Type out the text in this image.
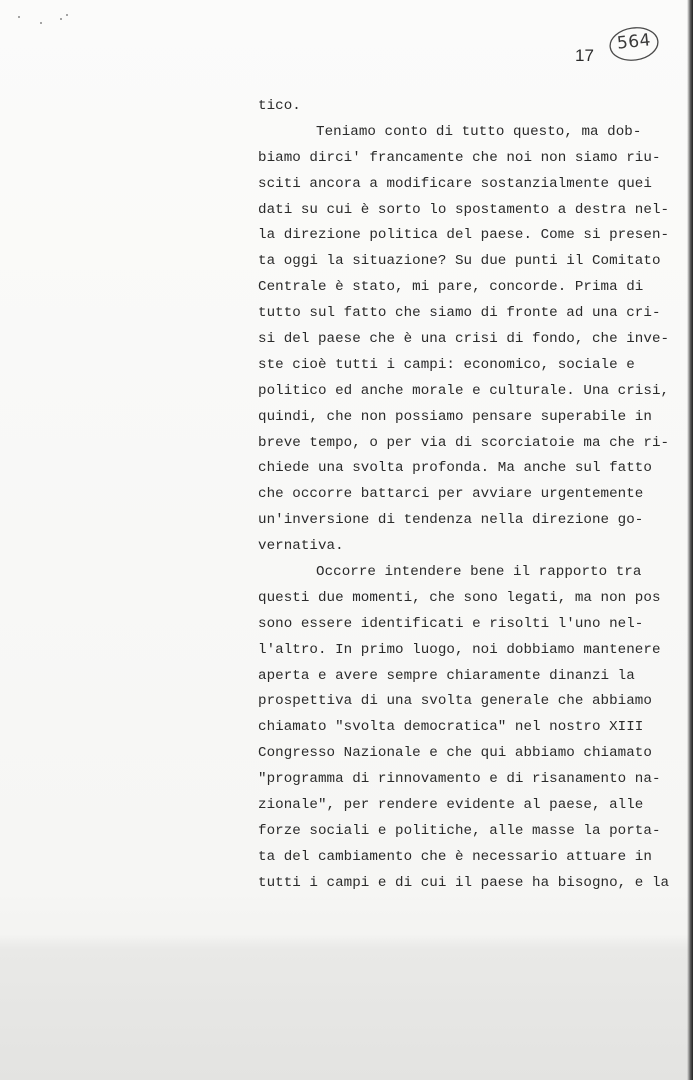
17
564
tico.
Teniamo conto di tutto questo, ma dob-
biamo dirci' francamente che noi non siamo riu-
sciti ancora a modificare sostanzialmente quei
dati su cui è sorto lo spostamento a destra nel-
la direzione politica del paese. Come si presen-
ta oggi la situazione? Su due punti il Comitato
Centrale è stato, mi pare, concorde. Prima di
tutto sul fatto che siamo di fronte ad una cri-
si del paese che è una crisi di fondo, che inve-
ste cioè tutti i campi: economico, sociale e
politico ed anche morale e culturale. Una crisi,
quindi, che non possiamo pensare superabile in
breve tempo, o per via di scorciatoie ma che ri-
chiede una svolta profonda. Ma anche sul fatto
che occorre battarci per avviare urgentemente
un'inversione di tendenza nella direzione go-
vernativa.
Occorre intendere bene il rapporto tra
questi due momenti, che sono legati, ma non pos
sono essere identificati e risolti l'uno nel-
l'altro. In primo luogo, noi dobbiamo mantenere
aperta e avere sempre chiaramente dinanzi la
prospettiva di una svolta generale che abbiamo
chiamato "svolta democratica" nel nostro XIII
Congresso Nazionale e che qui abbiamo chiamato
"programma di rinnovamento e di risanamento na-
zionale", per rendere evidente al paese, alle
forze sociali e politiche, alle masse la porta-
ta del cambiamento che è necessario attuare in
tutti i campi e di cui il paese ha bisogno, e la
